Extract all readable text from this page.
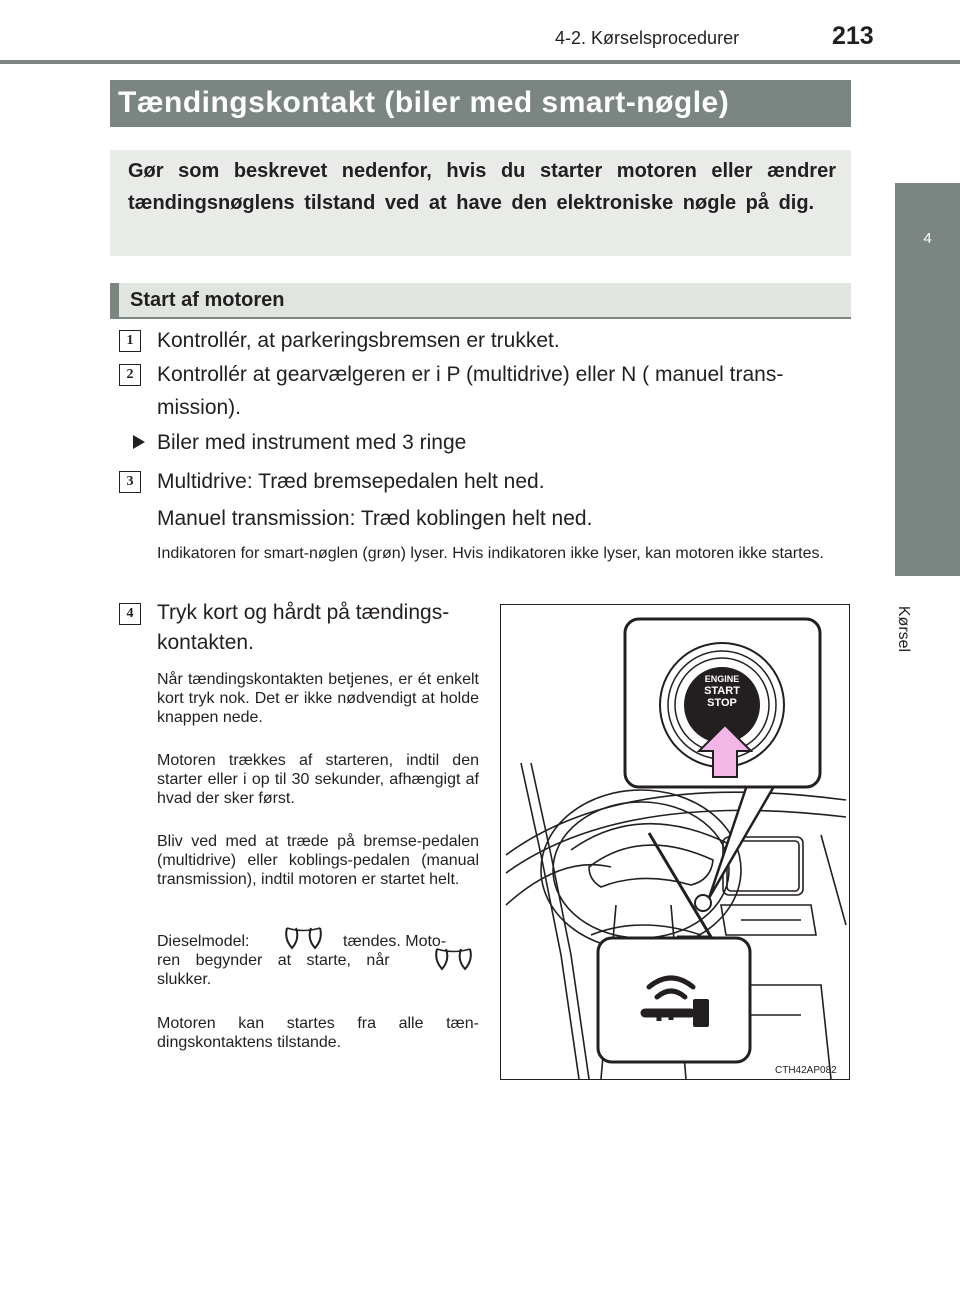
4-2. Kørselsprocedurer	213
4
Kørsel
Tændingskontakt (biler med smart-nøgle)
Gør som beskrevet nedenfor, hvis du starter motoren eller ændrer tændingsnøglens tilstand ved at have den elektroniske nøgle på dig.
Start af motoren
1	Kontrollér, at parkeringsbremsen er trukket.
2	Kontrollér at gearvælgeren er i P (multidrive) eller N ( manuel trans-
mission).
Biler med instrument med 3 ringe
3	Multidrive: Træd bremsepedalen helt ned.
Manuel transmission: Træd koblingen helt ned.
Indikatoren for smart-nøglen (grøn) lyser. Hvis indikatoren ikke lyser, kan motoren ikke startes.
4	Tryk kort og hårdt på tændings-kontakten.
Når tændingskontakten betjenes, er ét enkelt kort tryk nok. Det er ikke nødvendigt at holde knappen nede.
Motoren trækkes af starteren, indtil den starter eller i op til 30 sekunder, afhængigt af hvad der sker først.
Bliv ved med at træde på bremse-pedalen (multidrive) eller koblings-pedalen (manual transmission), indtil motoren er startet helt.
Dieselmodel:	tændes. Moto-
ren begynder at starte, når
slukker.
Motoren kan startes fra alle tæn-dingskontaktens tilstande.
ENGINE
START
STOP
CTH42AP082
